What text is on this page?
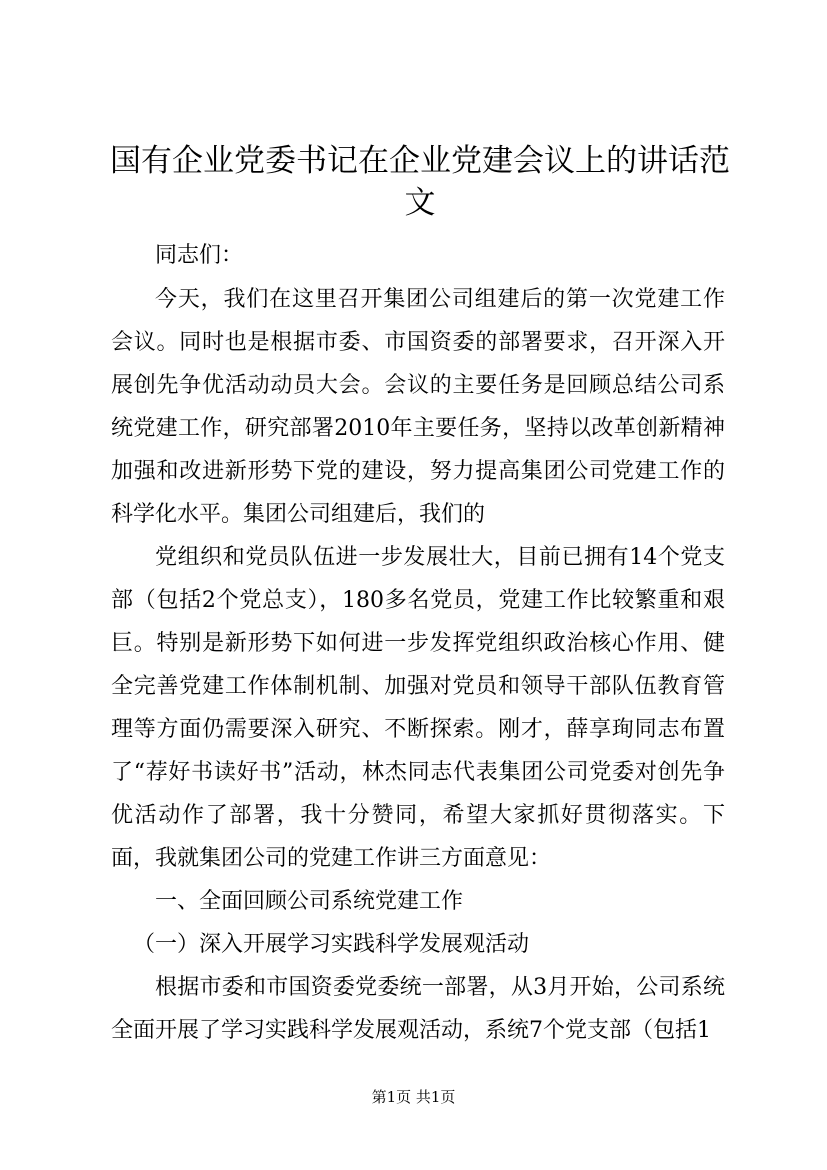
国有企业党委书记在企业党建会议上的讲话范文

同志们：

今天，我们在这里召开集团公司组建后的第一次党建工作会议。同时也是根据市委、市国资委的部署要求，召开深入开展创先争优活动动员大会。会议的主要任务是回顾总结公司系统党建工作，研究部署2010年主要任务，坚持以改革创新精神加强和改进新形势下党的建设，努力提高集团公司党建工作的科学化水平。集团公司组建后，我们的

党组织和党员队伍进一步发展壮大，目前已拥有14个党支部（包括2个党总支），180多名党员，党建工作比较繁重和艰巨。特别是新形势下如何进一步发挥党组织政治核心作用、健全完善党建工作体制机制、加强对党员和领导干部队伍教育管理等方面仍需要深入研究、不断探索。刚才，薛享珣同志布置了“荐好书读好书”活动，林杰同志代表集团公司党委对创先争优活动作了部署，我十分赞同，希望大家抓好贯彻落实。下面，我就集团公司的党建工作讲三方面意见：

一、全面回顾公司系统党建工作

（一）深入开展学习实践科学发展观活动

根据市委和市国资委党委统一部署，从3月开始，公司系统全面开展了学习实践科学发展观活动，系统7个党支部（包括1

第1页 共1页
